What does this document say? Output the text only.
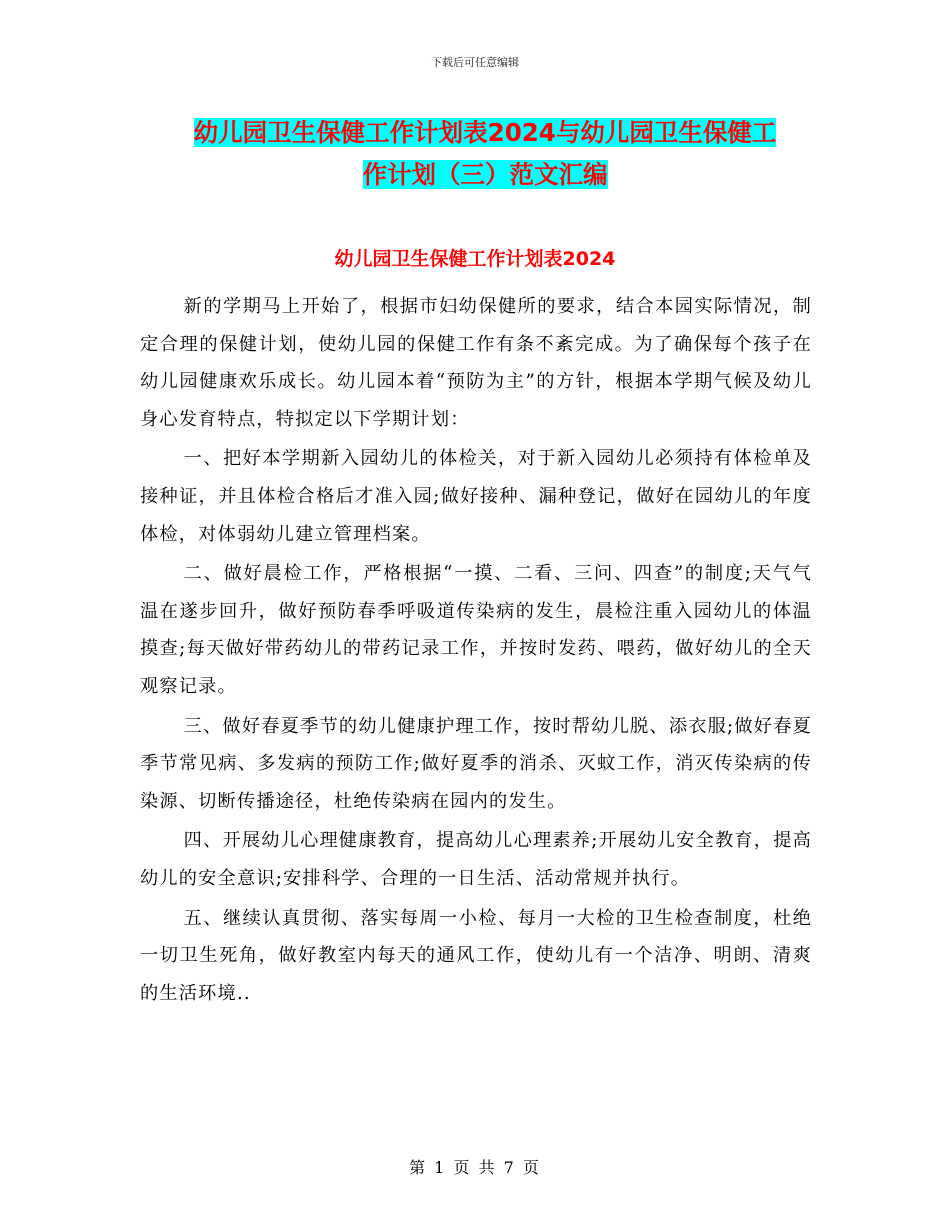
下载后可任意编辑
幼儿园卫生保健工作计划表2024与幼儿园卫生保健工
作计划（三）范文汇编
幼儿园卫生保健工作计划表2024

新的学期马上开始了，根据市妇幼保健所的要求，结合本园实际情况，制定合理的保健计划，使幼儿园的保健工作有条不紊完成。为了确保每个孩子在幼儿园健康欢乐成长。幼儿园本着“预防为主”的方针，根据本学期气候及幼儿身心发育特点，特拟定以下学期计划：

一、把好本学期新入园幼儿的体检关，对于新入园幼儿必须持有体检单及接种证，并且体检合格后才准入园;做好接种、漏种登记，做好在园幼儿的年度体检，对体弱幼儿建立管理档案。

二、做好晨检工作，严格根据“一摸、二看、三问、四查”的制度;天气气温在遂步回升，做好预防春季呼吸道传染病的发生，晨检注重入园幼儿的体温摸查;每天做好带药幼儿的带药记录工作，并按时发药、喂药，做好幼儿的全天观察记录。

三、做好春夏季节的幼儿健康护理工作，按时帮幼儿脱、添衣服;做好春夏季节常见病、多发病的预防工作;做好夏季的消杀、灭蚊工作，消灭传染病的传染源、切断传播途径，杜绝传染病在园内的发生。

四、开展幼儿心理健康教育，提高幼儿心理素养;开展幼儿安全教育，提高幼儿的安全意识;安排科学、合理的一日生活、活动常规并执行。

五、继续认真贯彻、落实每周一小检、每月一大检的卫生检查制度，杜绝一切卫生死角，做好教室内每天的通风工作，使幼儿有一个洁净、明朗、清爽的生活环境..

第 1 页 共 7 页
